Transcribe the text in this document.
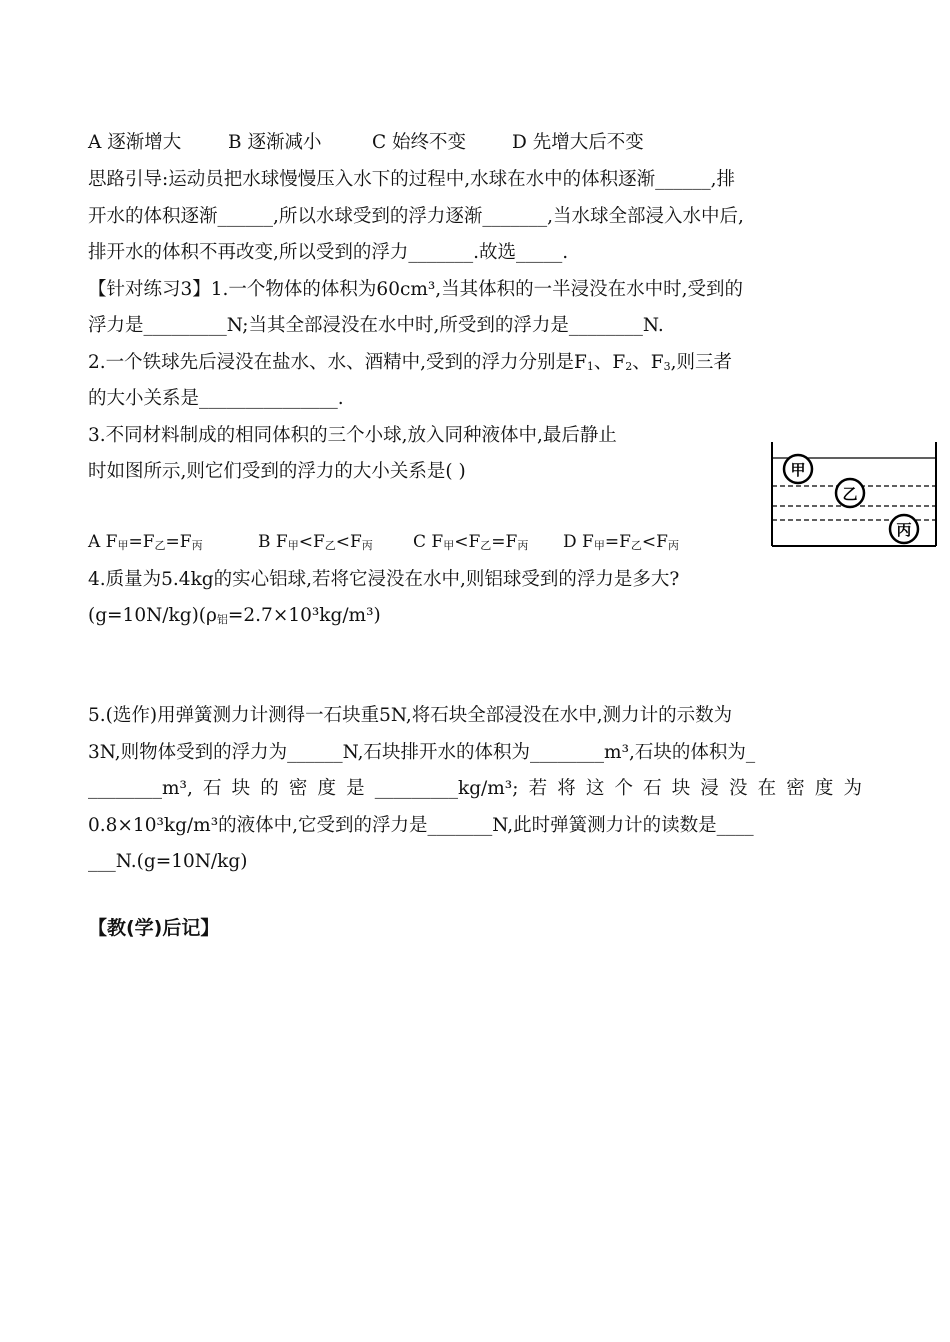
A 逐渐增大	B 逐渐减小	C 始终不变 D 先增大后不变
思路引导:运动员把水球慢慢压入水下的过程中,水球在水中的体积逐渐______,排
开水的体积逐渐______,所以水球受到的浮力逐渐_______,当水球全部浸入水中后,
排开水的体积不再改变,所以受到的浮力_______.故选_____.
【针对练习3】1.一个物体的体积为60cm³,当其体积的一半浸没在水中时,受到的
浮力是_________N;当其全部浸没在水中时,所受到的浮力是________N.
2.一个铁球先后浸没在盐水、水、酒精中,受到的浮力分别是$F_1$、$F_2$、$F_3$,则三者
的大小关系是_______________.
3.不同材料制成的相同体积的三个小球,放入同种液体中,最后静止
时如图所示,则它们受到的浮力的大小关系是( )
A $F_甲=F_乙=F_丙$	B $F_甲<F_乙<F_丙$ C $F_甲<F_乙=F_丙$ D $F_甲=F_乙<F_丙$
甲
乙
丙
4.质量为5.4kg的实心铝球,若将它浸没在水中,则铝球受到的浮力是多大?
$(g=10N/kg)(\rho_铝=2.7\times 10^3kg/m^3)$
5.(选作)用弹簧测力计测得一石块重5N,将石块全部浸没在水中,测力计的示数为
3N,则物体受到的浮力为______N,石块排开水的体积为________m³,石块的体积为_
________m³,石块的密度是_________kg/m³;若将这个石块浸没在密度为
0.8×10³kg/m³的液体中,它受到的浮力是_______N,此时弹簧测力计的读数是____
___N.(g=10N/kg)
【教(学)后记】
